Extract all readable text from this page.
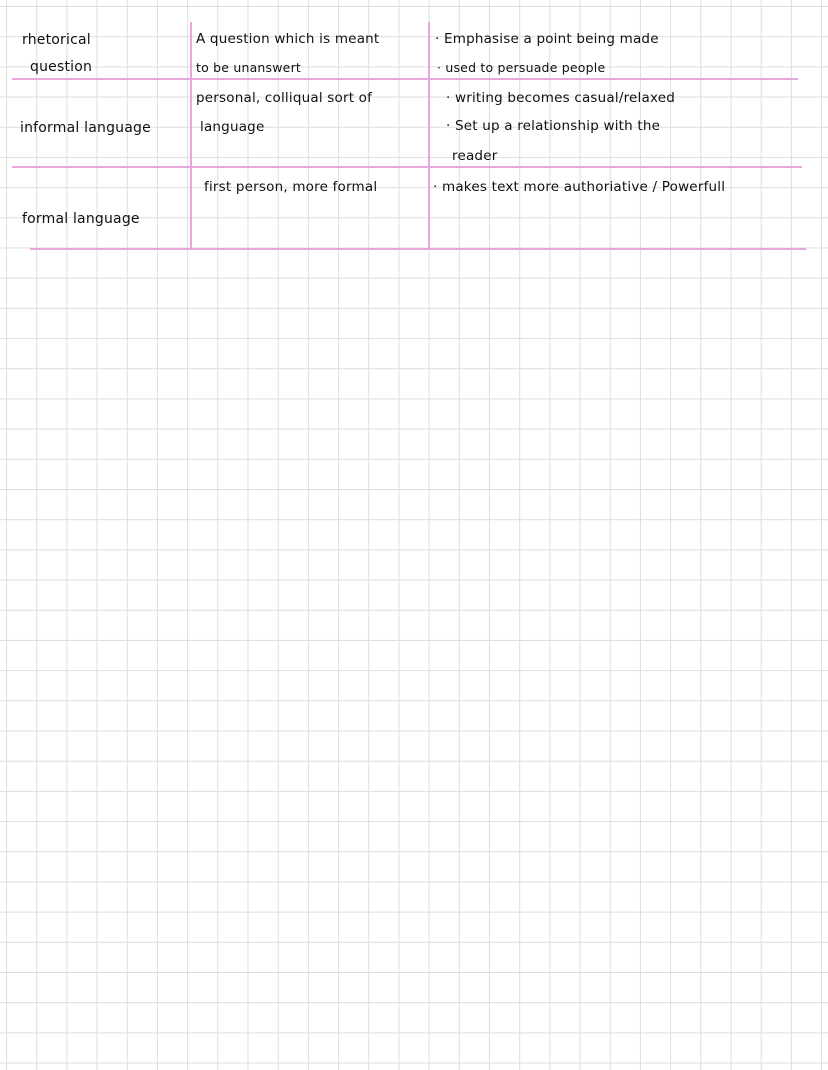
rhetorical
question
A question which is meant
to be unanswert
· Emphasise a point being made
· used to persuade people
informal language
personal, colliqual sort of
language
· writing becomes casual/relaxed
· Set up a relationship with the
reader
formal language
first person, more formal	· makes text more authoriative / Powerfull
